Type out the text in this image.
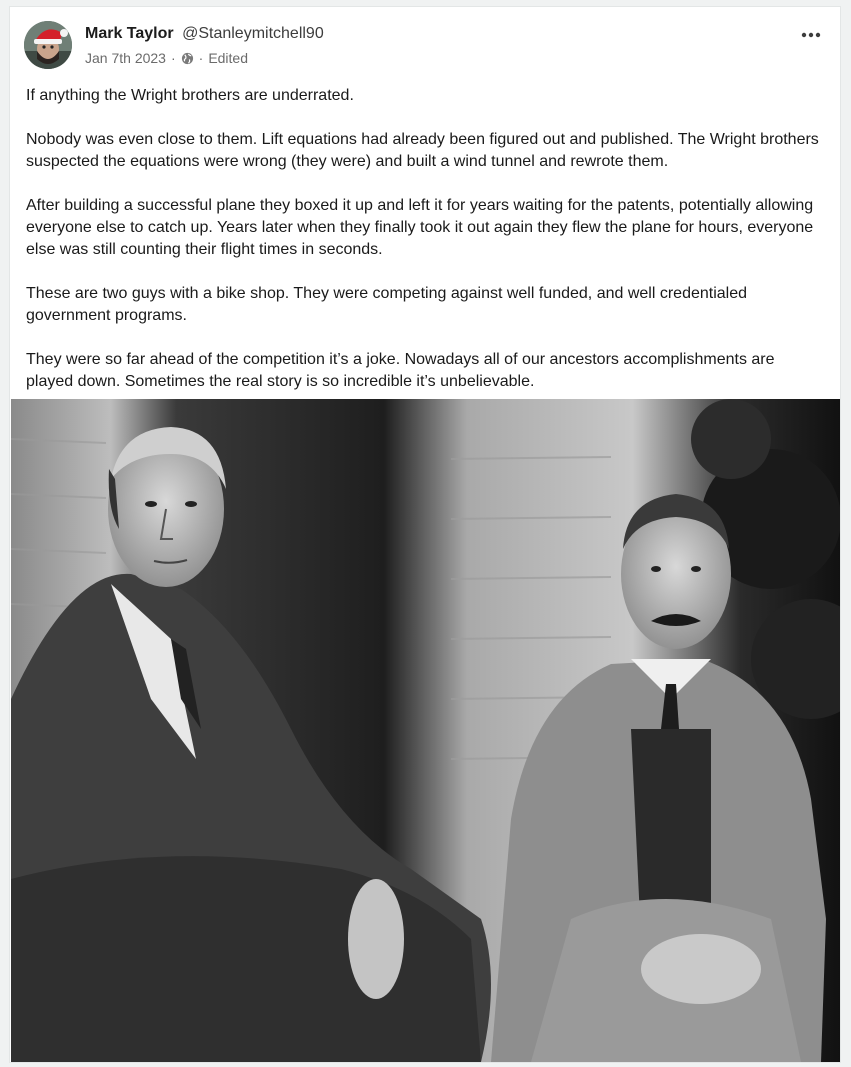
Mark Taylor @Stanleymitchell90
Jan 7th 2023 · · Edited

If anything the Wright brothers are underrated.

Nobody was even close to them. Lift equations had already been figured out and published. The Wright brothers suspected the equations were wrong (they were) and built a wind tunnel and rewrote them.

After building a successful plane they boxed it up and left it for years waiting for the patents, potentially allowing everyone else to catch up. Years later when they finally took it out again they flew the plane for hours, everyone else was still counting their flight times in seconds.

These are two guys with a bike shop. They were competing against well funded, and well credentialed government programs.

They were so far ahead of the competition it’s a joke. Nowadays all of our ancestors accomplishments are played down. Sometimes the real story is so incredible it’s unbelievable.
